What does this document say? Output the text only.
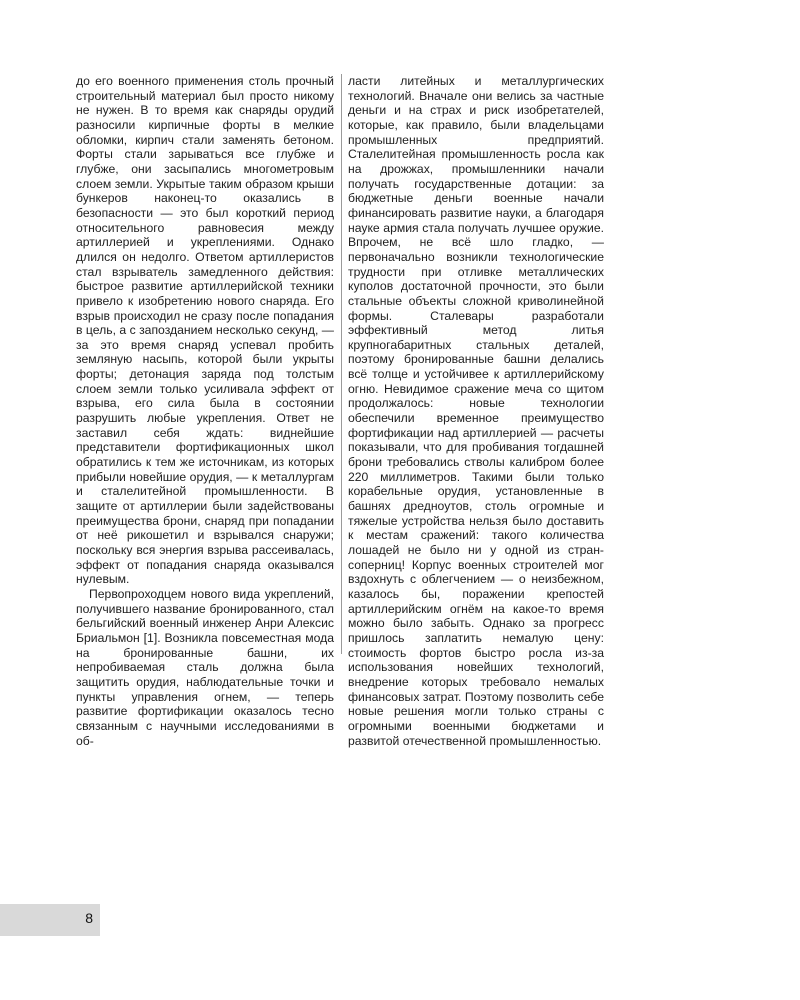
до его военного применения столь прочный строительный материал был просто никому не нужен. В то время как снаряды орудий разносили кирпичные форты в мелкие обломки, кирпич стали заменять бетоном. Форты стали зарываться все глубже и глубже, они засыпались многометровым слоем земли. Укрытые таким образом крыши бункеров наконец-то оказались в безопасности — это был короткий период относительного равновесия между артиллерией и укреплениями. Однако длился он недолго. Ответом артиллеристов стал взрыватель замедленного действия: быстрое развитие артиллерийской техники привело к изобретению нового снаряда. Его взрыв происходил не сразу после попадания в цель, а с запозданием несколько секунд, — за это время снаряд успевал пробить земляную насыпь, которой были укрыты форты; детонация заряда под толстым слоем земли только усиливала эффект от взрыва, его сила была в состоянии разрушить любые укрепления. Ответ не заставил себя ждать: виднейшие представители фортификационных школ обратились к тем же источникам, из которых прибыли новейшие орудия, — к металлургам и сталелитейной промышленности. В защите от артиллерии были задействованы преимущества брони, снаряд при попадании от неё рикошетил и взрывался снаружи; поскольку вся энергия взрыва рассеивалась, эффект от попадания снаряда оказывался нулевым.

Первопроходцем нового вида укреплений, получившего название бронированного, стал бельгийский военный инженер Анри Алексис Бриальмон [1]. Возникла повсеместная мода на бронированные башни, их непробиваемая сталь должна была защитить орудия, наблюдательные точки и пункты управления огнем, — теперь развитие фортификации оказалось тесно связанным с научными исследованиями в об-

ласти литейных и металлургических технологий. Вначале они велись за частные деньги и на страх и риск изобретателей, которые, как правило, были владельцами промышленных предприятий. Сталелитейная промышленность росла как на дрожжах, промышленники начали получать государственные дотации: за бюджетные деньги военные начали финансировать развитие науки, а благодаря науке армия стала получать лучшее оружие. Впрочем, не всё шло гладко, — первоначально возникли технологические трудности при отливке металлических куполов достаточной прочности, это были стальные объекты сложной криволинейной формы. Сталевары разработали эффективный метод литья крупногабаритных стальных деталей, поэтому бронированные башни делались всё толще и устойчивее к артиллерийскому огню. Невидимое сражение меча со щитом продолжалось: новые технологии обеспечили временное преимущество фортификации над артиллерией — расчеты показывали, что для пробивания тогдашней брони требовались стволы калибром более 220 миллиметров. Такими были только корабельные орудия, установленные в башнях дредноутов, столь огромные и тяжелые устройства нельзя было доставить к местам сражений: такого количества лошадей не было ни у одной из стран-соперниц! Корпус военных строителей мог вздохнуть с облегчением — о неизбежном, казалось бы, поражении крепостей артиллерийским огнём на какое-то время можно было забыть. Однако за прогресс пришлось заплатить немалую цену: стоимость фортов быстро росла из-за использования новейших технологий, внедрение которых требовало немалых финансовых затрат. Поэтому позволить себе новые решения могли только страны с огромными военными бюджетами и развитой отечественной промышленностью.

8
